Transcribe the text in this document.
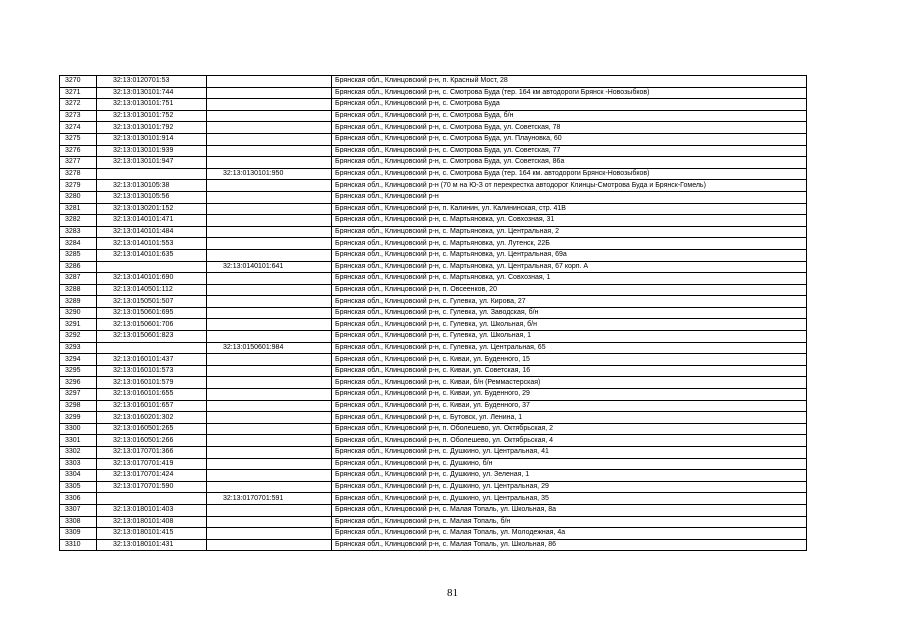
3270	32:13:0120701:53		Брянская обл., Клинцовский р-н, п. Красный Мост, 28
3271	32:13:0130101:744		Брянская обл., Клинцовский р-н, с. Смотрова Буда (тер. 164 км автодороги Брянск -Новозыбков)
3272	32:13:0130101:751		Брянская обл., Клинцовский р-н, с. Смотрова Буда
3273	32:13:0130101:752		Брянская обл., Клинцовский р-н, с. Смотрова Буда, б/н
3274	32:13:0130101:792		Брянская обл., Клинцовский р-н, с. Смотрова Буда, ул. Советская, 78
3275	32:13:0130101:914		Брянская обл., Клинцовский р-н, с. Смотрова Буда, ул. Плауновка, 60
3276	32:13:0130101:939		Брянская обл., Клинцовский р-н, с. Смотрова Буда, ул. Советская, 77
3277	32:13:0130101:947		Брянская обл., Клинцовский р-н, с. Смотрова Буда, ул. Советская, 86а
3278		32:13:0130101:950	Брянская обл., Клинцовский р-н, с. Смотрова Буда (тер. 164 км. автодороги Брянск-Новозыбков)
3279	32:13:0130105:38		Брянская обл., Клинцовский р-н (70 м на Ю-З от перекрестка автодорог Клинцы-Смотрова Буда и Брянск-Гомель)
3280	32:13:0130105:56		Брянская обл., Клинцовский р-н
3281	32:13:0130201:152		Брянская обл., Клинцовский р-н, п. Калинин, ул. Калининская, стр. 41В
3282	32:13:0140101:471		Брянская обл., Клинцовский р-н, с. Мартьяновка, ул. Совхозная, 31
3283	32:13:0140101:484		Брянская обл., Клинцовский р-н, с. Мартьяновка, ул. Центральная, 2
3284	32:13:0140101:553		Брянская обл., Клинцовский р-н, с. Мартьяновка, ул. Лутенск, 22Б
3285	32:13:0140101:635		Брянская обл., Клинцовский р-н, с. Мартьяновка, ул. Центральная, 69а
3286		32:13:0140101:641	Брянская обл., Клинцовский р-н, с. Мартьяновка, ул. Центральная, 67 корп. А
3287	32:13:0140101:690		Брянская обл., Клинцовский р-н, с. Мартьяновка, ул. Совхозная, 1
3288	32:13:0140501:112		Брянская обл., Клинцовский р-н, п. Овсеенков, 20
3289	32:13:0150501:507		Брянская обл., Клинцовский р-н, с. Гулевка, ул. Кирова, 27
3290	32:13:0150601:695		Брянская обл., Клинцовский р-н, с. Гулевка, ул. Заводская, б/н
3291	32:13:0150601:706		Брянская обл., Клинцовский р-н, с. Гулевка, ул. Школьная, б/н
3292	32:13:0150601:823		Брянская обл., Клинцовский р-н, с. Гулевка, ул. Школьная, 1
3293		32:13:0150601:984	Брянская обл., Клинцовский р-н, с. Гулевка, ул. Центральная, 65
3294	32:13:0160101:437		Брянская обл., Клинцовский р-н, с. Киваи, ул. Буденного, 15
3295	32:13:0160101:573		Брянская обл., Клинцовский р-н, с. Киваи, ул. Советская, 16
3296	32:13:0160101:579		Брянская обл., Клинцовский р-н, с. Киваи, б/н (Реммастерская)
3297	32:13:0160101:655		Брянская обл., Клинцовский р-н, с. Киваи, ул. Буденного, 29
3298	32:13:0160101:657		Брянская обл., Клинцовский р-н, с. Киваи, ул. Буденного, 37
3299	32:13:0160201:302		Брянская обл., Клинцовский р-н, с. Бутовск, ул. Ленина, 1
3300	32:13:0160501:265		Брянская обл., Клинцовский р-н, п. Оболешево, ул. Октябрьская, 2
3301	32:13:0160501:266		Брянская обл., Клинцовский р-н, п. Оболешево, ул. Октябрьская, 4
3302	32:13:0170701:366		Брянская обл., Клинцовский р-н, с. Душкино, ул. Центральная, 41
3303	32:13:0170701:419		Брянская обл., Клинцовский р-н, с. Душкино, б/н
3304	32:13:0170701:424		Брянская обл., Клинцовский р-н, с. Душкино, ул. Зеленая, 1
3305	32:13:0170701:590		Брянская обл., Клинцовский р-н, с. Душкино, ул. Центральная, 29
3306		32:13:0170701:591	Брянская обл., Клинцовский р-н, с. Душкино, ул. Центральная, 35
3307	32:13:0180101:403		Брянская обл., Клинцовский р-н, с. Малая Топаль, ул. Школьная, 8а
3308	32:13:0180101:408		Брянская обл., Клинцовский р-н, с. Малая Топаль, б/н
3309	32:13:0180101:415		Брянская обл., Клинцовский р-н, с. Малая Топаль, ул. Молодежная, 4а
3310	32:13:0180101:431		Брянская обл., Клинцовский р-н, с. Малая Топаль, ул. Школьная, 86
81
